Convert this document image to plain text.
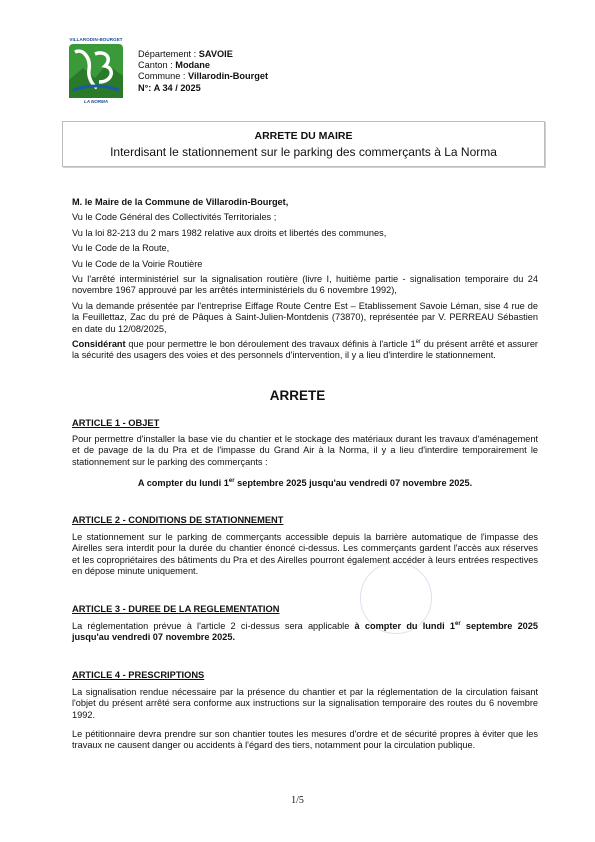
VILLARODIN-BOURGET
LA NORMA
Département : SAVOIE
Canton : Modane
Commune : Villarodin-Bourget
N°: A 34 / 2025
ARRETE DU MAIRE
Interdisant le stationnement sur le parking des commerçants à La Norma

M. le Maire de la Commune de Villarodin-Bourget,

Vu le Code Général des Collectivités Territoriales ;

Vu la loi 82-213 du 2 mars 1982 relative aux droits et libertés des communes,

Vu le Code de la Route,

Vu le Code de la Voirie Routière

Vu l'arrêté interministériel sur la signalisation routière (livre I, huitième partie - signalisation temporaire du 24 novembre 1967 approuvé par les arrêtés interministériels du 6 novembre 1992),

Vu la demande présentée par l'entreprise Eiffage Route Centre Est – Etablissement Savoie Léman, sise 4 rue de la Feuillettaz, Zac du pré de Pâques à Saint-Julien-Montdenis (73870), représentée par V. PERREAU Sébastien en date du 12/08/2025,

Considérant que pour permettre le bon déroulement des travaux définis à l'article 1er du présent arrêté et assurer la sécurité des usagers des voies et des personnels d'intervention, il y a lieu d'interdire le stationnement.

ARRETE
ARTICLE 1 - OBJET
Pour permettre d'installer la base vie du chantier et le stockage des matériaux durant les travaux d'aménagement et de pavage de la du Pra et de l'impasse du Grand Air à la Norma, il y a lieu d'interdire temporairement le stationnement sur le parking des commerçants :
A compter du lundi 1er septembre 2025 jusqu'au vendredi 07 novembre 2025.
ARTICLE 2 - CONDITIONS DE STATIONNEMENT
Le stationnement sur le parking de commerçants accessible depuis la barrière automatique de l'impasse des Airelles sera interdit pour la durée du chantier énoncé ci-dessus. Les commerçants gardent l'accès aux réserves et les copropriétaires des bâtiments du Pra et des Airelles pourront également accéder à leurs entrées respectives en dépose minute uniquement.
ARTICLE 3 - DUREE DE LA REGLEMENTATION
La réglementation prévue à l'article 2 ci-dessus sera applicable à compter du lundi 1er septembre 2025 jusqu'au vendredi 07 novembre 2025.
ARTICLE 4 - PRESCRIPTIONS
La signalisation rendue nécessaire par la présence du chantier et par la réglementation de la circulation faisant l'objet du présent arrêté sera conforme aux instructions sur la signalisation temporaire des routes du 6 novembre 1992.
Le pétitionnaire devra prendre sur son chantier toutes les mesures d'ordre et de sécurité propres à éviter que les travaux ne causent danger ou accidents à l'égard des tiers, notamment pour la circulation publique.
1/5
